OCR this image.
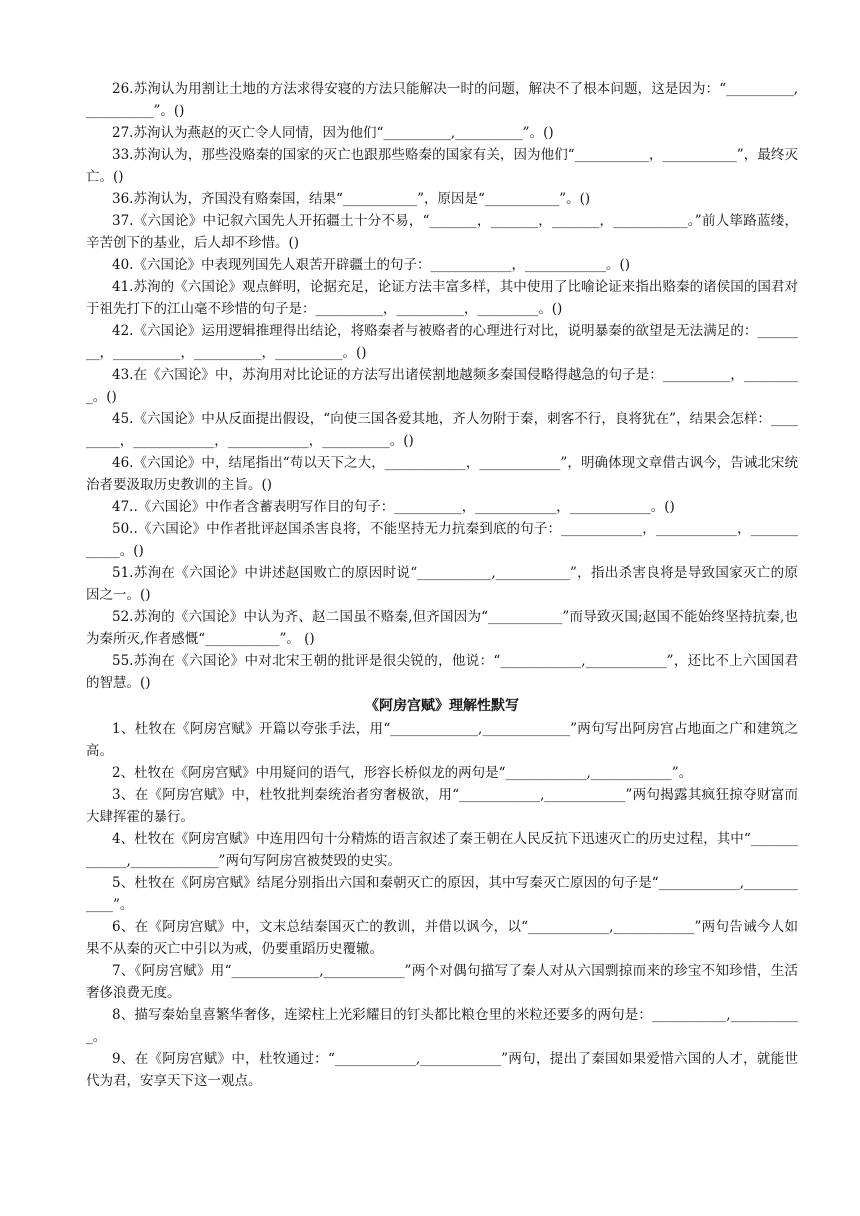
26.苏洵认为用割让土地的方法求得安寝的方法只能解决一时的问题，解决不了根本问题，这是因为：“__________,__________”。()

27.苏洵认为燕赵的灭亡令人同情，因为他们“__________,__________”。()

33.苏洵认为，那些没赂秦的国家的灭亡也跟那些赂秦的国家有关，因为他们“___________，___________”，最终灭亡。()

36.苏洵认为，齐国没有赂秦国，结果“___________”，原因是“___________”。()

37.《六国论》中记叙六国先人开拓疆土十分不易，“_______，_______，_______，___________。”前人筚路蓝缕，辛苦创下的基业，后人却不珍惜。()

40.《六国论》中表现列国先人艰苦开辟疆土的句子：____________，____________。()

41.苏洵的《六国论》观点鲜明，论据充足，论证方法丰富多样，其中使用了比喻论证来指出赂秦的诸侯国的国君对于祖先打下的江山毫不珍惜的句子是：__________，__________，_________。()

42.《六国论》运用逻辑推理得出结论，将赂秦者与被赂者的心理进行对比，说明暴秦的欲望是无法满足的：________，__________，__________，__________。()

43.在《六国论》中，苏洵用对比论证的方法写出诸侯割地越频多秦国侵略得越急的句子是：__________，_________。()

45.《六国论》中从反面提出假设，“向使三国各爱其地，齐人勿附于秦，刺客不行，良将犹在”，结果会怎样：_________，____________，____________，__________。()

46.《六国论》中，结尾指出“苟以天下之大，____________，____________”，明确体现文章借古讽今，告诫北宋统治者要汲取历史教训的主旨。()

47..《六国论》中作者含蓄表明写作目的句子：__________，____________，____________。()

50..《六国论》中作者批评赵国杀害良将，不能坚持无力抗秦到底的句子：____________，____________，____________。()

51.苏洵在《六国论》中讲述赵国败亡的原因时说“___________,___________”，指出杀害良将是导致国家灭亡的原因之一。()

52.苏洵的《六国论》中认为齐、赵二国虽不赂秦,但齐国因为“___________”而导致灭国;赵国不能始终坚持抗秦,也为秦所灭,作者感慨“___________”。 ()

55.苏洵在《六国论》中对北宋王朝的批评是很尖锐的，他说：“____________,____________”，还比不上六国国君的智慧。()

《阿房宫赋》理解性默写

1、杜牧在《阿房宫赋》开篇以夸张手法，用“_____________,_____________”两句写出阿房宫占地面之广和建筑之高。

2、杜牧在《阿房宫赋》中用疑问的语气，形容长桥似龙的两句是“____________,____________”。

3、在《阿房宫赋》中，杜牧批判秦统治者穷奢极欲，用“____________,____________”两句揭露其疯狂掠夺财富而大肆挥霍的暴行。

4、杜牧在《阿房宫赋》中连用四句十分精炼的语言叙述了秦王朝在人民反抗下迅速灭亡的历史过程，其中“_____________,_____________”两句写阿房宫被焚毁的史实。

5、杜牧在《阿房宫赋》结尾分别指出六国和秦朝灭亡的原因，其中写秦灭亡原因的句子是“____________,____________”。

6、在《阿房宫赋》中，文末总结秦国灭亡的教训，并借以讽今，以“____________,____________”两句告诫今人如果不从秦的灭亡中引以为戒，仍要重蹈历史覆辙。

7、《阿房宫赋》用“_____________,____________”两个对偶句描写了秦人对从六国剽掠而来的珍宝不知珍惜，生活奢侈浪费无度。

8、描写秦始皇喜繁华奢侈，连梁柱上光彩耀目的钉头都比粮仓里的米粒还要多的两句是：___________,___________。

9、在《阿房宫赋》中，杜牧通过：“____________,____________”两句，提出了秦国如果爱惜六国的人才，就能世代为君，安享天下这一观点。
